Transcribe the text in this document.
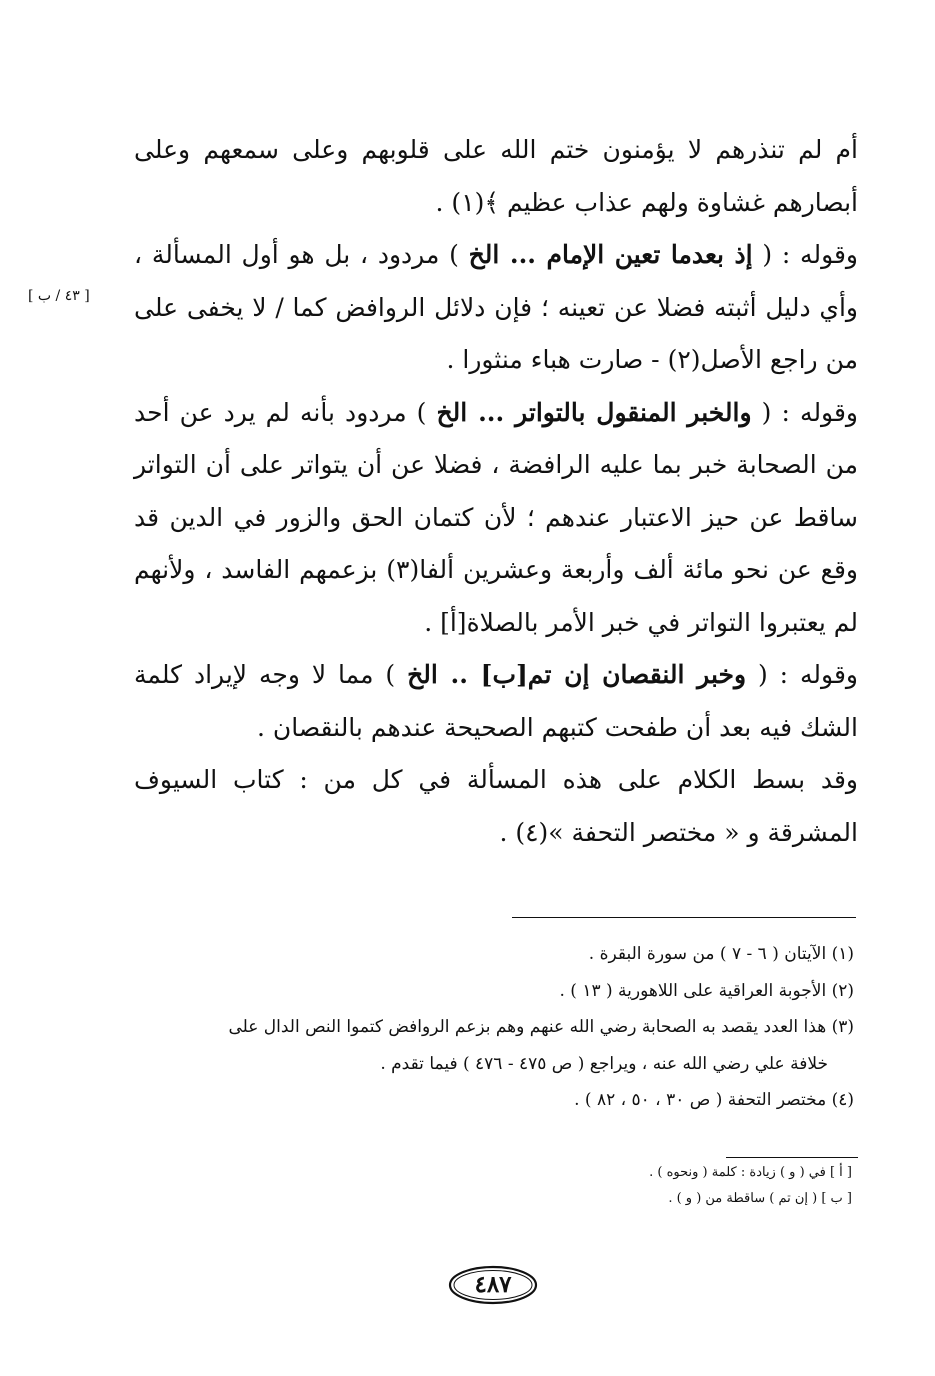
أم لم تنذرهم لا يؤمنون ختم الله على قلوبهم وعلى سمعهم وعلى أبصارهم غشاوة ولهم عذاب عظيم ﴾(١) .

وقوله : ( إذ بعدما تعين الإمام ... الخ ) مردود ، بل هو أول المسألة ، وأي دليل أثبته فضلا عن تعينه ؛ فإن دلائل الروافض كما / لا يخفى على من راجع الأصل(٢) - صارت هباء منثورا .

وقوله : ( والخبر المنقول بالتواتر ... الخ ) مردود بأنه لم يرد عن أحد من الصحابة خبر بما عليه الرافضة ، فضلا عن أن يتواتر على أن التواتر ساقط عن حيز الاعتبار عندهم ؛ لأن كتمان الحق والزور في الدين قد وقع عن نحو مائة ألف وأربعة وعشرين ألفا(٣) بزعمهم الفاسد ، ولأنهم لم يعتبروا التواتر في خبر الأمر بالصلاة[أ] .

وقوله : ( وخبر النقصان إن تم[ب] .. الخ ) مما لا وجه لإيراد كلمة الشك فيه بعد أن طفحت كتبهم الصحيحة عندهم بالنقصان .

وقد بسط الكلام على هذه المسألة في كل من : كتاب السيوف المشرقة و « مختصر التحفة »(٤) .

[ ٤٣ / ب ]

(١) الآيتان ( ٦ - ٧ ) من سورة البقرة .

(٢) الأجوبة العراقية على اللاهورية ( ١٣ ) .

(٣) هذا العدد يقصد به الصحابة رضي الله عنهم وهم بزعم الروافض كتموا النص الدال على

خلافة علي رضي الله عنه ، ويراجع ( ص ٤٧٥ - ٤٧٦ ) فيما تقدم .

(٤) مختصر التحفة ( ص ٣٠ ، ٥٠ ، ٨٢ ) .

[ أ ] في ( و ) زيادة : كلمة ( ونحوه ) .

[ ب ] ( إن تم ) ساقطة من ( و ) .

٤٨٧
